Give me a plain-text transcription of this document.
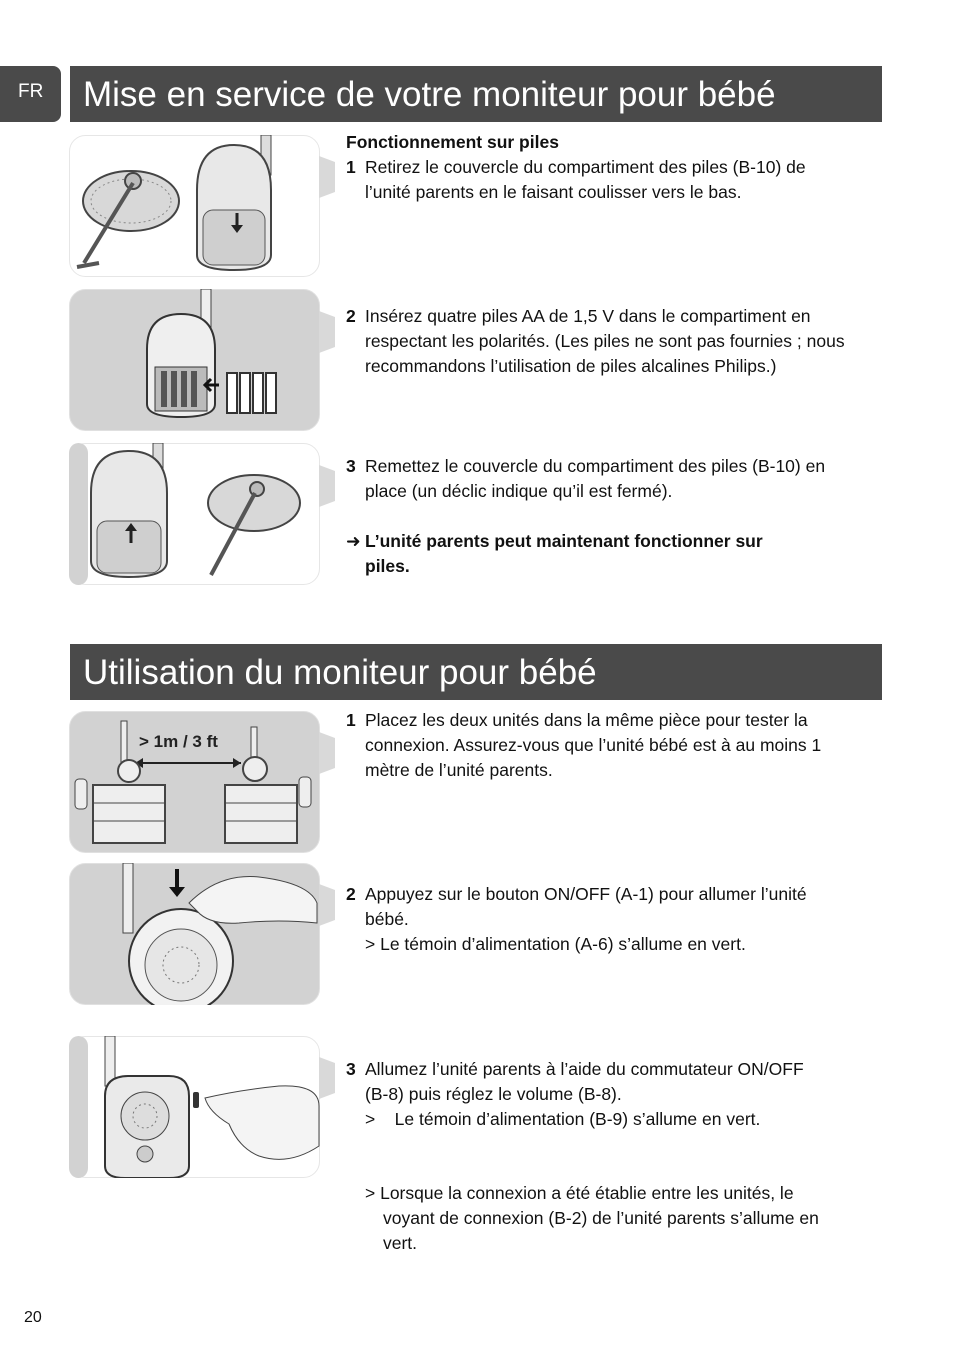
FR	Mise en service de votre moniteur pour bébé
Fonctionnement sur piles
1 Retirez le couvercle du compartiment des piles (B-10) de
l’unité parents en le faisant coulisser vers le bas.
2 Insérez quatre piles AA de 1,5 V dans le compartiment en
respectant les polarités. (Les piles ne sont pas fournies ; nous
recommandons l’utilisation de piles alcalines Philips.)
3 Remettez le couvercle du compartiment des piles (B-10) en
place (un déclic indique qu’il est fermé).
➜ L’unité parents peut maintenant fonctionner sur
piles.
Utilisation du moniteur pour bébé
> 1m / 3 ft
1 Placez les deux unités dans la même pièce pour tester la
connexion. Assurez-vous que l’unité bébé est à au moins 1
mètre de l’unité parents.
2 Appuyez sur le bouton ON/OFF (A-1) pour allumer l’unité
bébé.
> Le témoin d’alimentation (A-6) s’allume en vert.
3 Allumez l’unité parents à l’aide du commutateur ON/OFF
(B-8) puis réglez le volume (B-8).
>    Le témoin d’alimentation (B-9) s’allume en vert.
> Lorsque la connexion a été établie entre les unités, le
voyant de connexion (B-2) de l’unité parents s’allume en
vert.
20
